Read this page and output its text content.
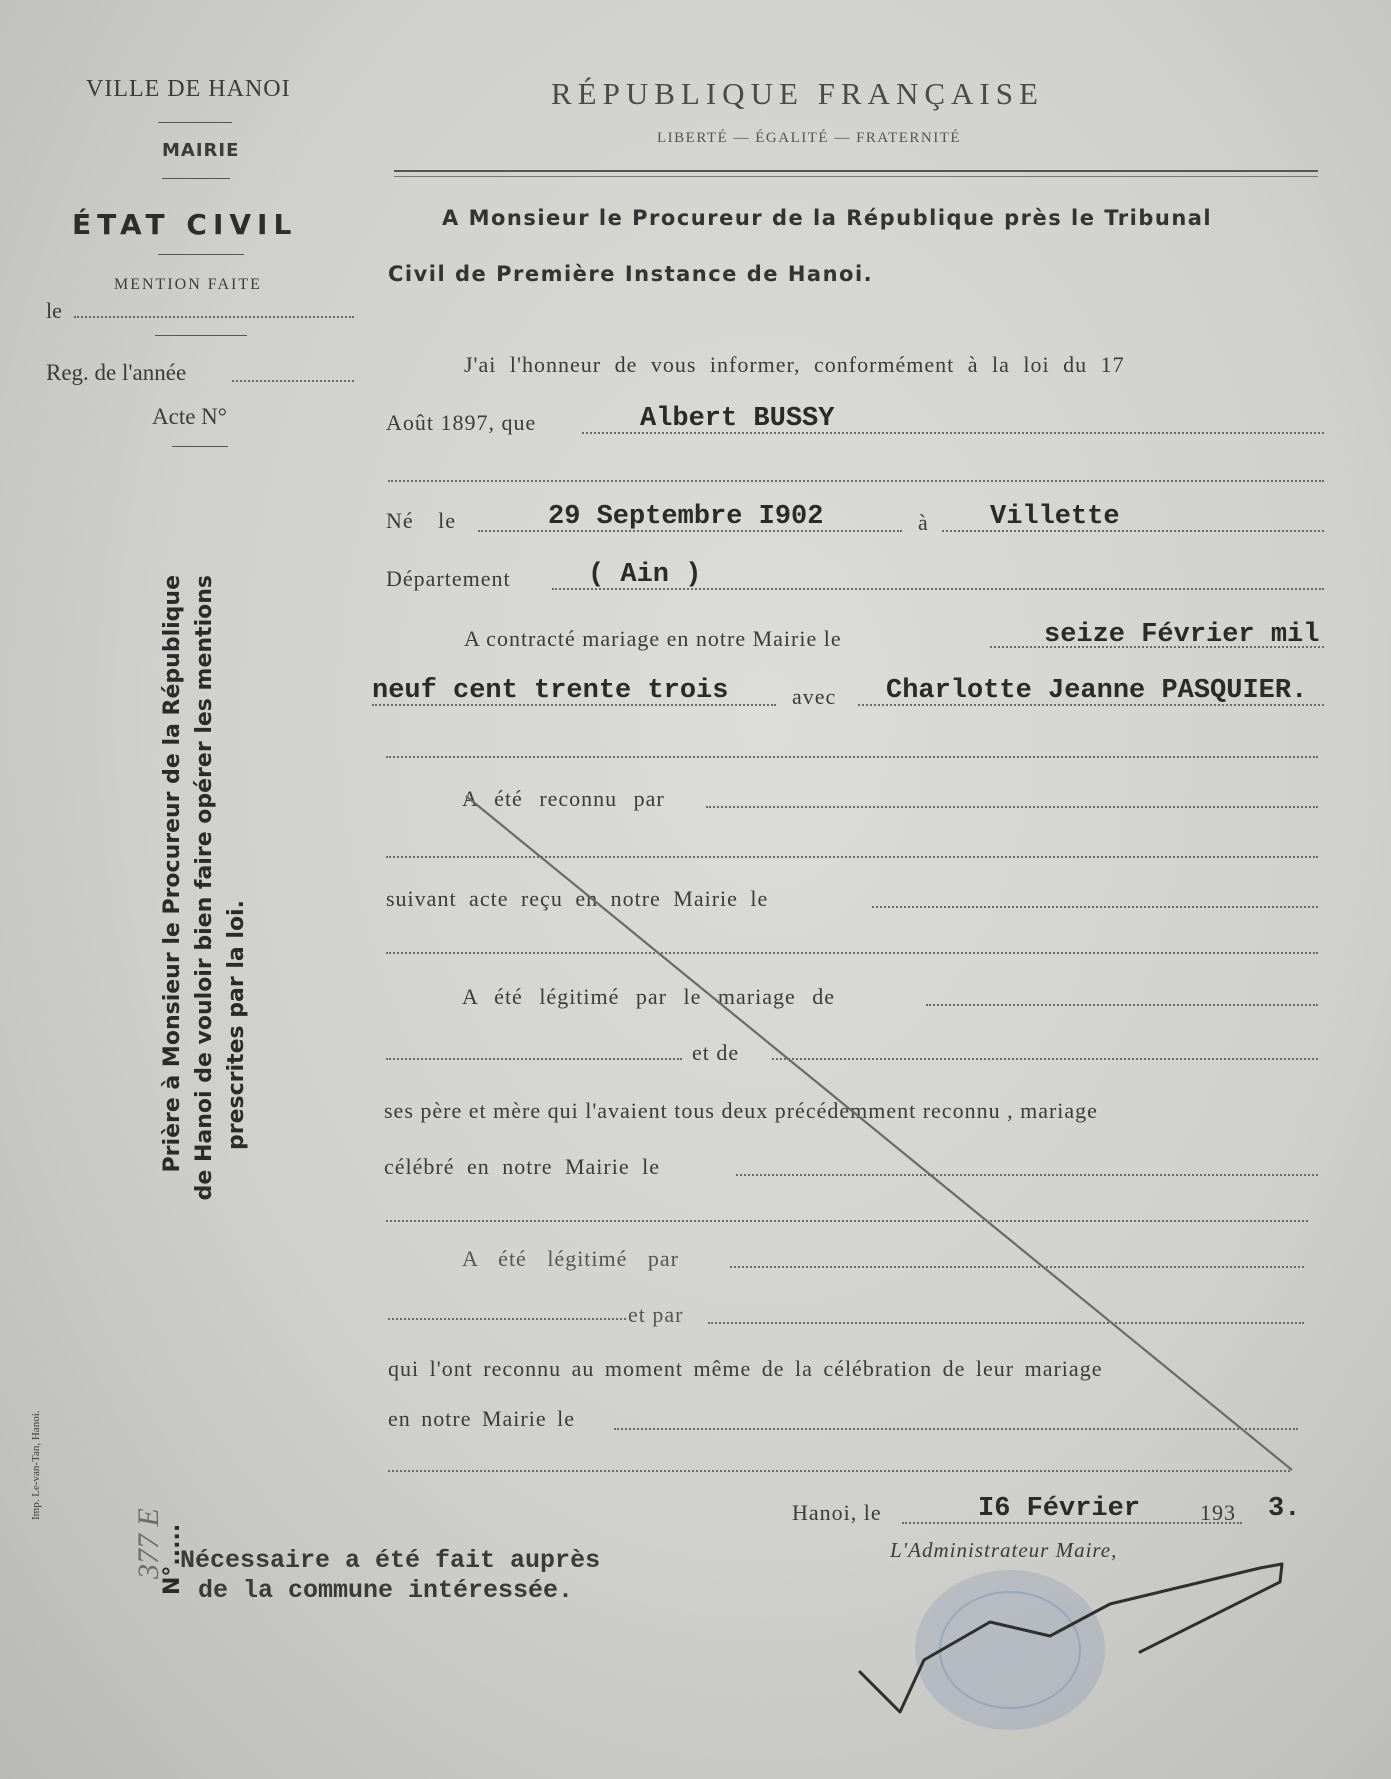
VILLE DE HANOI
MAIRIE
ÉTAT CIVIL
MENTION FAITE
le
Reg. de l'année
Acte N°
Prière à Monsieur le Procureur de la République de Hanoi de vouloir bien faire opérer les mentions prescrites par la loi.
N°.....
377 E
Imp. Le-van-Tan, Hanoi.
RÉPUBLIQUE FRANÇAISE
LIBERTÉ — ÉGALITÉ — FRATERNITÉ
A Monsieur le Procureur de la République près le Tribunal
Civil de Première Instance de Hanoi.
J'ai l'honneur de vous informer, conformément à la loi du 17
Août 1897, que	Albert BUSSY
Né le	29 Septembre I902	à Villette
Département	( Ain )
A contracté mariage en notre Mairie le	seize Février mil
neuf cent trente trois	avec Charlotte Jeanne PASQUIER.
A été reconnu par
suivant acte reçu en notre Mairie le
A été légitimé par le mariage de
et de
ses père et mère qui l'avaient tous deux précédemment reconnu , mariage
célébré en notre Mairie le
A été légitimé par
et par
qui l'ont reconnu au moment même de la célébration de leur mariage
en notre Mairie le
Hanoi, le	I6 Février	193 3.
L'Administrateur Maire,
Nécessaire a été fait auprès
de la commune intéressée.
